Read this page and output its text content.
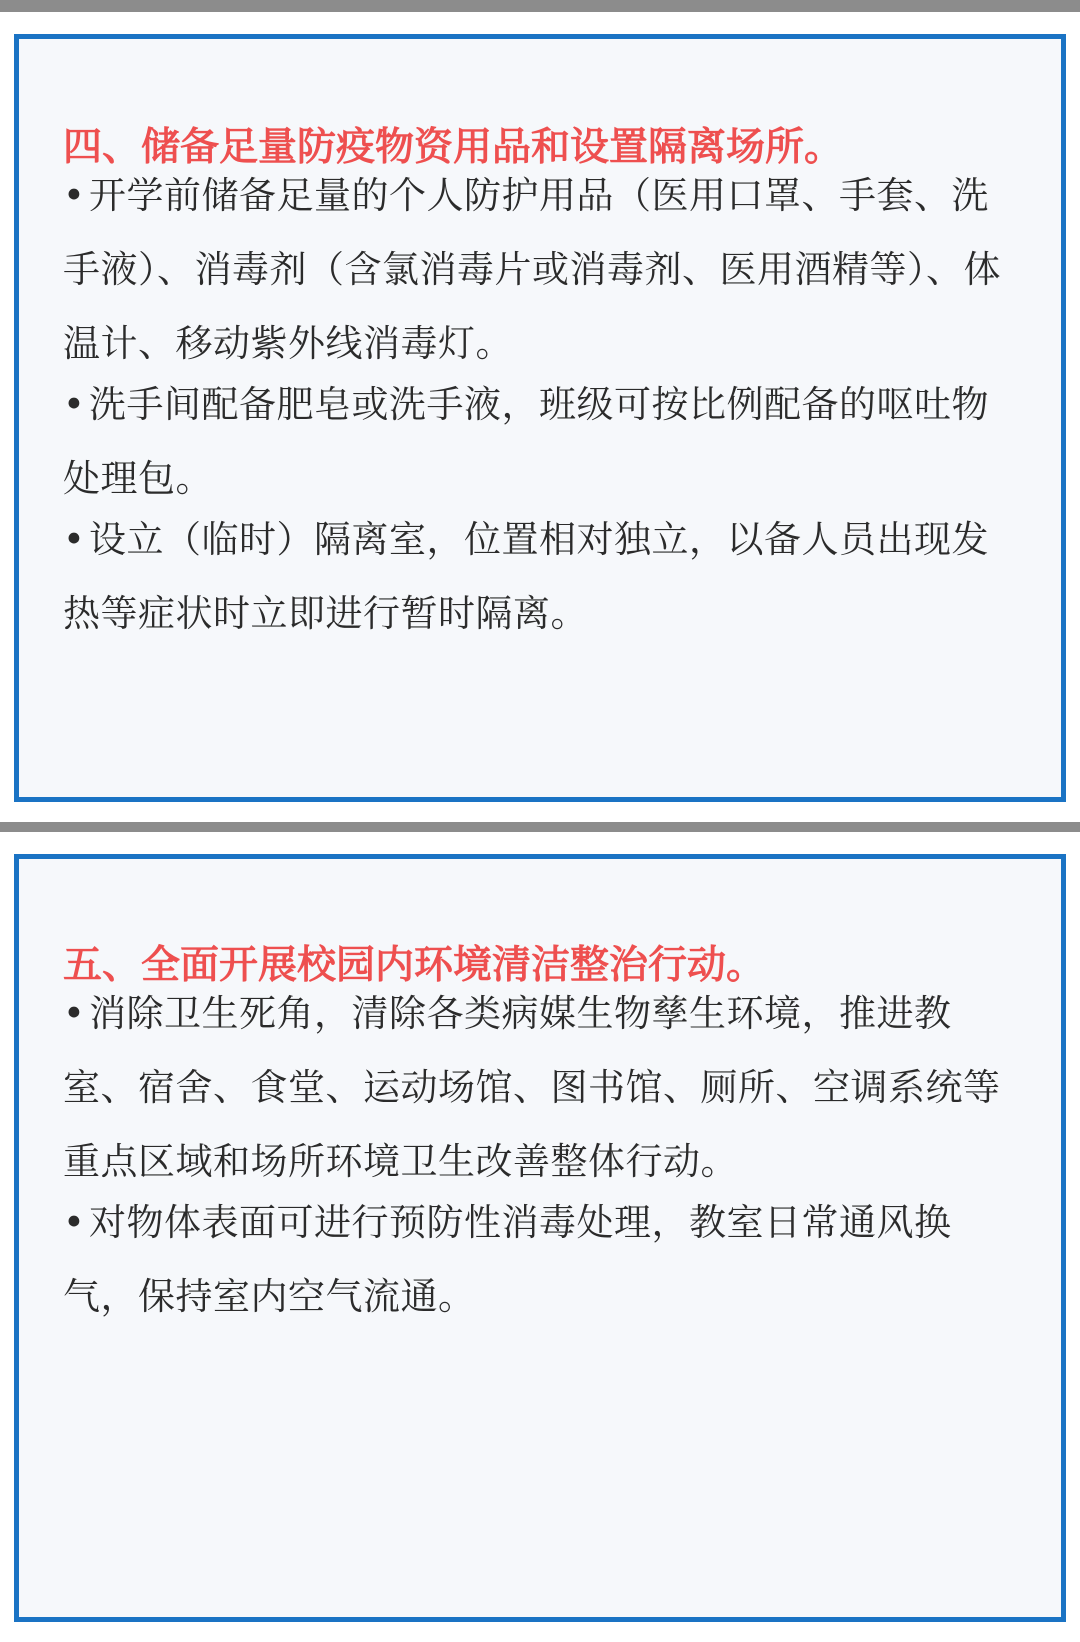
四、储备足量防疫物资用品和设置隔离场所。

•开学前储备足量的个人防护用品（医用口罩、手套、洗手液）、消毒剂（含氯消毒片或消毒剂、医用酒精等）、体温计、移动紫外线消毒灯。

•洗手间配备肥皂或洗手液，班级可按比例配备的呕吐物处理包。

•设立（临时）隔离室，位置相对独立，以备人员出现发热等症状时立即进行暂时隔离。

五、全面开展校园内环境清洁整治行动。

•消除卫生死角，清除各类病媒生物孳生环境，推进教室、宿舍、食堂、运动场馆、图书馆、厕所、空调系统等重点区域和场所环境卫生改善整体行动。

•对物体表面可进行预防性消毒处理，教室日常通风换气，保持室内空气流通。
